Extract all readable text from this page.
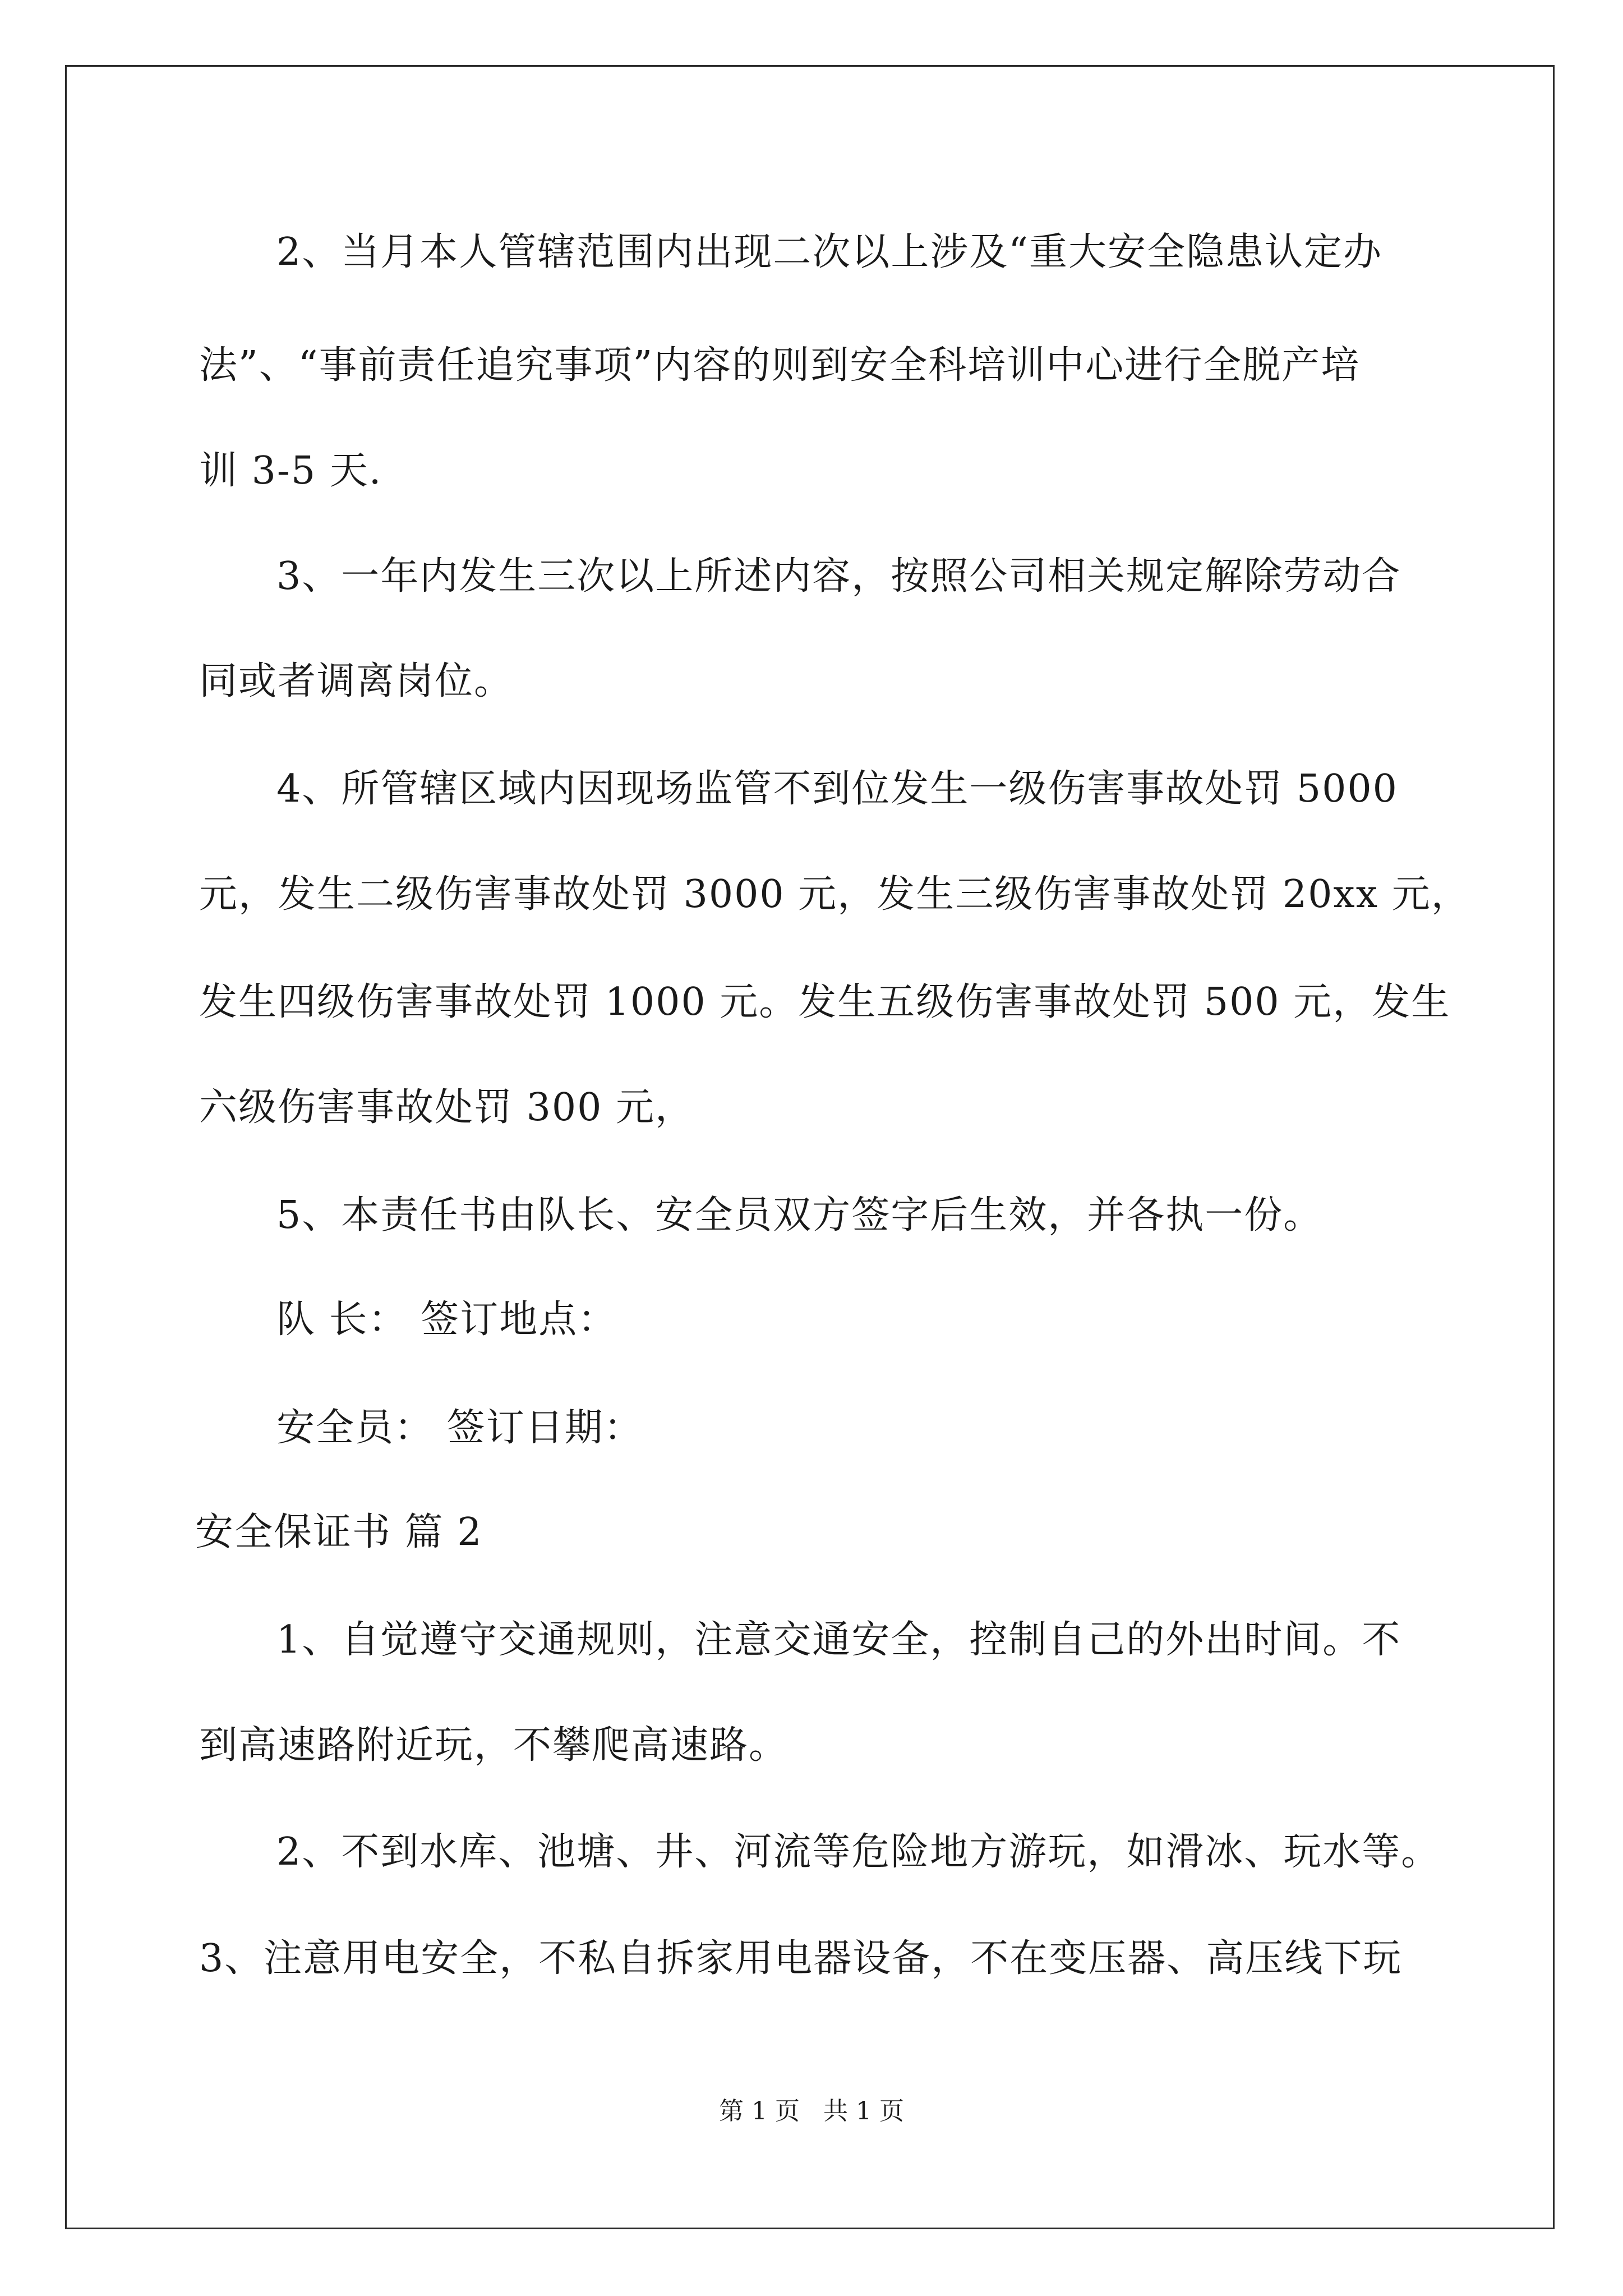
2、当月本人管辖范围内出现二次以上涉及“重大安全隐患认定办
法”、“事前责任追究事项”内容的则到安全科培训中心进行全脱产培
训 3-5 天.
3、一年内发生三次以上所述内容，按照公司相关规定解除劳动合
同或者调离岗位。
4、所管辖区域内因现场监管不到位发生一级伤害事故处罚 5000
元，发生二级伤害事故处罚 3000 元，发生三级伤害事故处罚 20xx 元，
发生四级伤害事故处罚 1000 元。发生五级伤害事故处罚 500 元，发生
六级伤害事故处罚 300 元，
5、本责任书由队长、安全员双方签字后生效，并各执一份。
队 长： 签订地点：
安全员： 签订日期：
安全保证书 篇 2
1、自觉遵守交通规则，注意交通安全，控制自己的外出时间。不
到高速路附近玩，不攀爬高速路。
2、不到水库、池塘、井、河流等危险地方游玩，如滑冰、玩水等。
3、注意用电安全，不私自拆家用电器设备，不在变压器、高压线下玩
第 1 页   共 1 页
